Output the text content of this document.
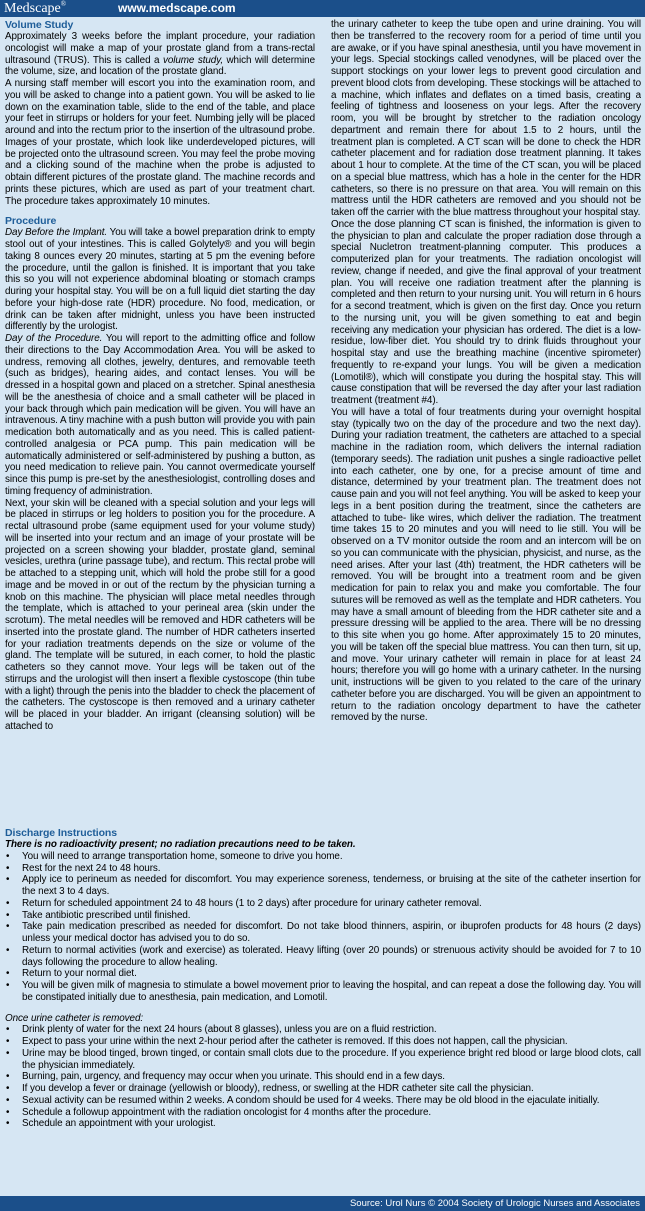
Medscape®	www.medscape.com

Volume Study

Approximately 3 weeks before the implant procedure, your radiation oncologist will make a map of your prostate gland from a trans-rectal ultrasound (TRUS). This is called a volume study, which will determine the volume, size, and location of the prostate gland.

A nursing staff member will escort you into the examination room, and you will be asked to change into a patient gown. You will be asked to lie down on the examination table, slide to the end of the table, and place your feet in stirrups or holders for your feet. Numbing jelly will be placed around and into the rectum prior to the insertion of the ultrasound probe. Images of your prostate, which look like underdeveloped pictures, will be projected onto the ultrasound screen. You may feel the probe moving and a clicking sound of the machine when the probe is adjusted to obtain different pictures of the prostate gland. The machine records and prints these pictures, which are used as part of your treatment chart. The procedure takes approximately 10 minutes.

Procedure

Day Before the Implant. You will take a bowel preparation drink to empty stool out of your intestines. This is called Golytely® and you will begin taking 8 ounces every 20 minutes, starting at 5 pm the evening before the procedure, until the gallon is finished. It is important that you take this so you will not experience abdominal bloating or stomach cramps during your hospital stay. You will be on a full liquid diet starting the day before your high-dose rate (HDR) procedure. No food, medication, or drink can be taken after midnight, unless you have been instructed differently by the urologist.

Day of the Procedure. You will report to the admitting office and follow their directions to the Day Accommodation Area. You will be asked to undress, removing all clothes, jewelry, dentures, and removable teeth (such as bridges), hearing aides, and contact lenses. You will be dressed in a hospital gown and placed on a stretcher. Spinal anesthesia will be the anesthesia of choice and a small catheter will be placed in your back through which pain medication will be given. You will have an intravenous. A tiny machine with a push button will provide you with pain medication both automatically and as you need. This is called patient- controlled analgesia or PCA pump. This pain medication will be automatically administered or self-administered by pushing a button, as you need medication to relieve pain. You cannot overmedicate yourself since this pump is pre-set by the anesthesiologist, controlling doses and timing frequency of administration.

Next, your skin will be cleaned with a special solution and your legs will be placed in stirrups or leg holders to position you for the procedure. A rectal ultrasound probe (same equipment used for your volume study) will be inserted into your rectum and an image of your prostate will be projected on a screen showing your bladder, prostate gland, seminal vesicles, urethra (urine passage tube), and rectum. This rectal probe will be attached to a stepping unit, which will hold the probe still for a good image and be moved in or out of the rectum by the physician turning a knob on this machine. The physician will place metal needles through the template, which is attached to your perineal area (skin under the scrotum). The metal needles will be removed and HDR catheters will be inserted into the prostate gland. The number of HDR catheters inserted for your radiation treatments depends on the size or volume of the gland. The template will be sutured, in each corner, to hold the plastic catheters so they cannot move. Your legs will be taken out of the stirrups and the urologist will then insert a flexible cystoscope (thin tube with a light) through the penis into the bladder to check the placement of the catheters. The cystoscope is then removed and a urinary catheter will be placed in your bladder. An irrigant (cleansing solution) will be attached to

the urinary catheter to keep the tube open and urine draining. You will then be transferred to the recovery room for a period of time until you are awake, or if you have spinal anesthesia, until you have movement in your legs. Special stockings called venodynes, will be placed over the support stockings on your lower legs to prevent good circulation and prevent blood clots from developing. These stockings will be attached to a machine, which inflates and deflates on a timed basis, creating a feeling of tightness and looseness on your legs. After the recovery room, you will be brought by stretcher to the radiation oncology department and remain there for about 1.5 to 2 hours, until the treatment plan is completed. A CT scan will be done to check the HDR catheter placement and for radiation dose treatment planning. It takes about 1 hour to complete. At the time of the CT scan, you will be placed on a special blue mattress, which has a hole in the center for the HDR catheters, so there is no pressure on that area. You will remain on this mattress until the HDR catheters are removed and you should not be taken off the carrier with the blue mattress throughout your hospital stay.

Once the dose planning CT scan is finished, the information is given to the physician to plan and calculate the proper radiation dose through a special Nucletron treatment-planning computer. This produces a computerized plan for your treatments. The radiation oncologist will review, change if needed, and give the final approval of your treatment plan. You will receive one radiation treatment after the planning is completed and then return to your nursing unit. You will return in 6 hours for a second treatment, which is given on the first day. Once you return to the nursing unit, you will be given something to eat and begin receiving any medication your physician has ordered. The diet is a low-residue, low-fiber diet. You should try to drink fluids throughout your hospital stay and use the breathing machine (incentive spirometer) frequently to re-expand your lungs. You will be given a medication (Lomotil®), which will constipate you during the hospital stay. This will cause constipation that will be reversed the day after your last radiation treatment (treatment #4).

You will have a total of four treatments during your overnight hospital stay (typically two on the day of the procedure and two the next day). During your radiation treatment, the catheters are attached to a special machine in the radiation room, which delivers the internal radiation (temporary seeds). The radiation unit pushes a single radioactive pellet into each catheter, one by one, for a precise amount of time and distance, determined by your treatment plan. The treatment does not cause pain and you will not feel anything. You will be asked to keep your legs in a bent position during the treatment, since the catheters are attached to tube- like wires, which deliver the radiation. The treatment time takes 15 to 20 minutes and you will need to lie still. You will be observed on a TV monitor outside the room and an intercom will be on so you can communicate with the physician, physicist, and nurse, as the need arises. After your last (4th) treatment, the HDR catheters will be removed. You will be brought into a treatment room and be given medication for pain to relax you and make you comfortable. The four sutures will be removed as well as the template and HDR catheters. You may have a small amount of bleeding from the HDR catheter site and a pressure dressing will be applied to the area. There will be no dressing to this site when you go home. After approximately 15 to 20 minutes, you will be taken off the special blue mattress. You can then turn, sit up, and move. Your urinary catheter will remain in place for at least 24 hours; therefore you will go home with a urinary catheter. In the nursing unit, instructions will be given to you related to the care of the urinary catheter before you are discharged. You will be given an appointment to return to the radiation oncology department to have the catheter removed by the nurse.

Discharge Instructions

There is no radioactivity present; no radiation precautions need to be taken.

• You will need to arrange transportation home, someone to drive you home.
• Rest for the next 24 to 48 hours.
• Apply ice to perineum as needed for discomfort. You may experience soreness, tenderness, or bruising at the site of the catheter insertion for the next 3 to 4 days.
• Return for scheduled appointment 24 to 48 hours (1 to 2 days) after procedure for urinary catheter removal.
• Take antibiotic prescribed until finished.
• Take pain medication prescribed as needed for discomfort. Do not take blood thinners, aspirin, or ibuprofen products for 48 hours (2 days) unless your medical doctor has advised you to do so.
• Return to normal activities (work and exercise) as tolerated. Heavy lifting (over 20 pounds) or strenuous activity should be avoided for 7 to 10 days following the procedure to allow healing.
• Return to your normal diet.
• You will be given milk of magnesia to stimulate a bowel movement prior to leaving the hospital, and can repeat a dose the following day. You will be constipated initially due to anesthesia, pain medication, and Lomotil.

Once urine catheter is removed:

• Drink plenty of water for the next 24 hours (about 8 glasses), unless you are on a fluid restriction.
• Expect to pass your urine within the next 2-hour period after the catheter is removed. If this does not happen, call the physician.
• Urine may be blood tinged, brown tinged, or contain small clots due to the procedure. If you experience bright red blood or large blood clots, call the physician immediately.
• Burning, pain, urgency, and frequency may occur when you urinate. This should end in a few days.
• If you develop a fever or drainage (yellowish or bloody), redness, or swelling at the HDR catheter site call the physician.
• Sexual activity can be resumed within 2 weeks. A condom should be used for 4 weeks. There may be old blood in the ejaculate initially.
• Schedule a followup appointment with the radiation oncologist for 4 months after the procedure.
• Schedule an appointment with your urologist.
Source: Urol Nurs © 2004 Society of Urologic Nurses and Associates
